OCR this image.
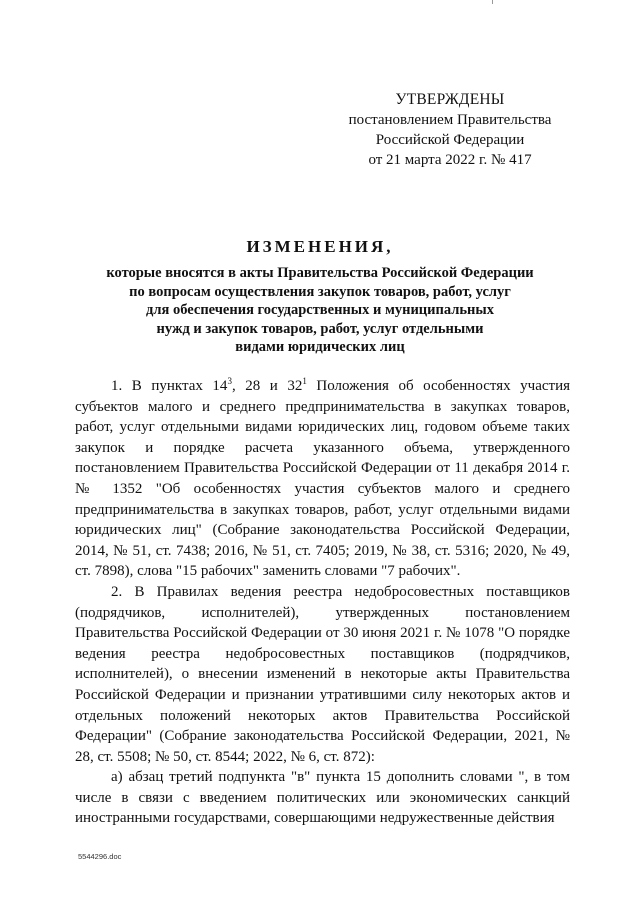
УТВЕРЖДЕНЫ
постановлением Правительства
Российской Федерации
от 21 марта 2022 г. № 417
ИЗМЕНЕНИЯ,
которые вносятся в акты Правительства Российской Федерации
по вопросам осуществления закупок товаров, работ, услуг
для обеспечения государственных и муниципальных
нужд и закупок товаров, работ, услуг отдельными
видами юридических лиц

1. В пунктах $14^3$, 28 и $32^1$ Положения об особенностях участия субъектов малого и среднего предпринимательства в закупках товаров, работ, услуг отдельными видами юридических лиц, годовом объеме таких закупок и порядке расчета указанного объема, утвержденного постановлением Правительства Российской Федерации от 11 декабря 2014 г. № 1352 "Об особенностях участия субъектов малого и среднего предпринимательства в закупках товаров, работ, услуг отдельными видами юридических лиц" (Собрание законодательства Российской Федерации, 2014, № 51, ст. 7438; 2016, № 51, ст. 7405; 2019, № 38, ст. 5316; 2020, № 49, ст. 7898), слова "15 рабочих" заменить словами "7 рабочих".

2. В Правилах ведения реестра недобросовестных поставщиков (подрядчиков, исполнителей), утвержденных постановлением Правительства Российской Федерации от 30 июня 2021 г. № 1078 "О порядке ведения реестра недобросовестных поставщиков (подрядчиков, исполнителей), о внесении изменений в некоторые акты Правительства Российской Федерации и признании утратившими силу некоторых актов и отдельных положений некоторых актов Правительства Российской Федерации" (Собрание законодательства Российской Федерации, 2021, № 28, ст. 5508; № 50, ст. 8544; 2022, № 6, ст. 872):

а) абзац третий подпункта "в" пункта 15 дополнить словами ", в том числе в связи с введением политических или экономических санкций иностранными государствами, совершающими недружественные действия

5544296.doc
